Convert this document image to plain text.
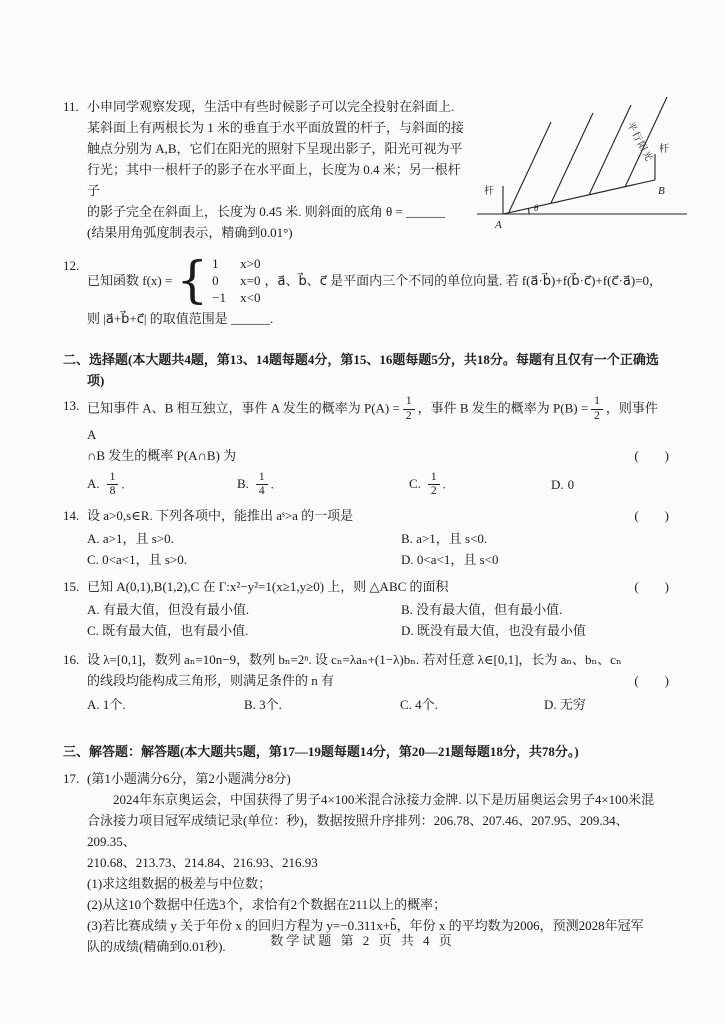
11. 小申同学观察发现，生活中有些时候影子可以完全投射在斜面上.
某斜面上有两根长为 1 米的垂直于水平面放置的杆子，与斜面的接
触点分别为 A,B，它们在阳光的照射下呈现出影子，阳光可视为平
行光；其中一根杆子的影子在水平面上，长度为 0.4 米；另一根杆子
的影子完全在斜面上，长度为 0.45 米. 则斜面的底角 θ = ______
(结果用角弧度制表示，精确到0.01°)	A
B
杆
杆
θ
平行阳光
12.
已知函数 f(x) = { 1	x>0
0	x=0
−1	x<0
，a⃗、b⃗、c⃗ 是平面内三个不同的单位向量. 若 f(a⃗·b⃗)+f(b⃗·c⃗)+f(c⃗·a⃗)=0，
则 |a⃗+b⃗+c⃗| 的取值范围是 ______.
二、选择题(本大题共4题，第13、14题每题4分，第15、16题每题5分，共18分。每题有且仅有一个正确选
项)
13. 已知事件 A、B 相互独立，事件 A 发生的概率为 $P(A) = \frac{1}{2}$ ，事件 B 发生的概率为 $P(B) = \frac{1}{2}$ ，则事件 A
∩B 发生的概率 P(A∩B) 为	(        )
A. $\frac{1}{8}$ .	B. $\frac{1}{4}$ .	C. $\frac{1}{2}$ .	D. 0
14. 设 a>0,s∈R. 下列各项中，能推出 aˢ>a 的一项是	(        )
A. a>1，且 s>0.	B. a>1，且 s<0.
C. 0<a<1，且 s>0.	D. 0<a<1，且 s<0
15. 已知 A(0,1),B(1,2),C 在 Γ:x²−y²=1(x≥1,y≥0) 上，则 △ABC 的面积	(        )
A. 有最大值，但没有最小值.	B. 没有最大值，但有最小值.
C. 既有最大值，也有最小值.	D. 既没有最大值，也没有最小值
16. 设 λ=[0,1]，数列 aₙ=10n−9，数列 bₙ=2ⁿ. 设 cₙ=λaₙ+(1−λ)bₙ. 若对任意 λ∈[0,1]，长为 aₙ、bₙ、cₙ
的线段均能构成三角形，则满足条件的 n 有	(        )
A. 1个.	B. 3个.	C. 4个.	D. 无穷
三、解答题：解答题(本大题共5题，第17—19题每题14分，第20—21题每题18分，共78分。)
17. (第1小题满分6分，第2小题满分8分)
2024年东京奥运会，中国获得了男子4×100米混合泳接力金牌. 以下是历届奥运会男子4×100米混
合泳接力项目冠军成绩记录(单位：秒)，数据按照升序排列：206.78、207.46、207.95、209.34、209.35、
210.68、213.73、214.84、216.93、216.93
(1)求这组数据的极差与中位数；
(2)从这10个数据中任选3个，求恰有2个数据在211以上的概率；
(3)若比赛成绩 y 关于年份 x 的回归方程为 y=−0.311x+b̂，年份 x 的平均数为2006，预测2028年冠军
队的成绩(精确到0.01秒).	数学试题 第 2 页 共 4 页
